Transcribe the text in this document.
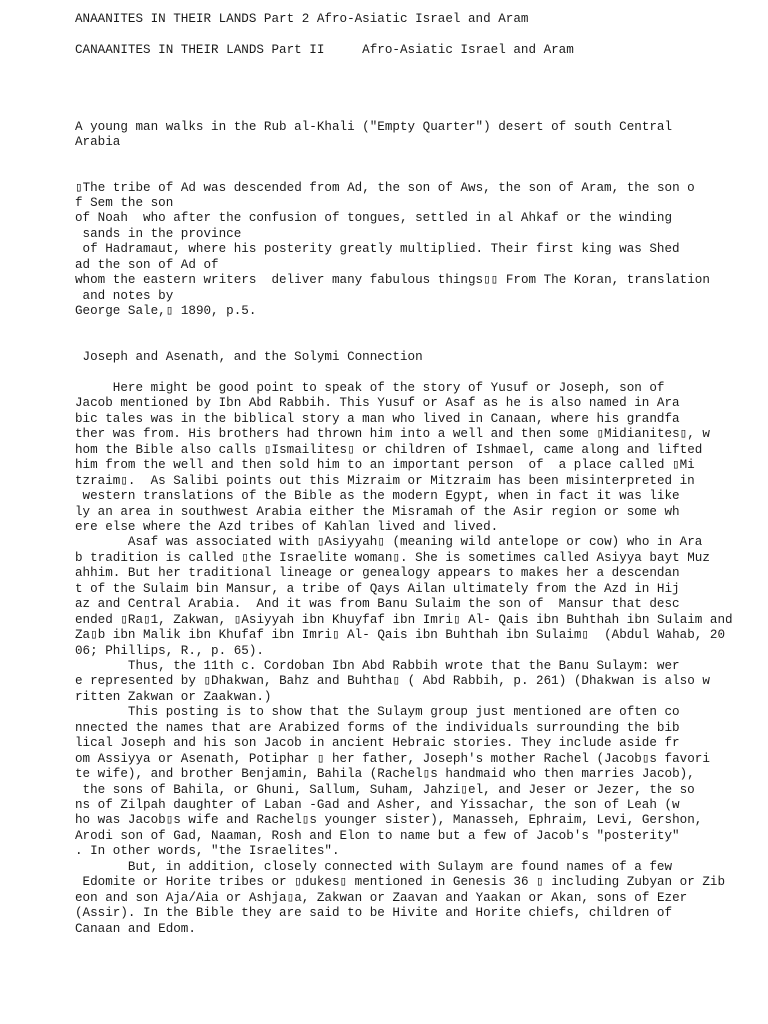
ANAANITES IN THEIR LANDS Part 2 Afro-Asiatic Israel and Aram

CANAANITES IN THEIR LANDS Part II     Afro-Asiatic Israel and Aram

A young man walks in the Rub al-Khali ("Empty Quarter") desert of south Central

Arabia

▯The tribe of Ad was descended from Ad, the son of Aws, the son of Aram, the son o

f Sem the son

of Noah  who after the confusion of tongues, settled in al Ahkaf or the winding

sands in the province

of Hadramaut, where his posterity greatly multiplied. Their first king was Shed

ad the son of Ad of

whom the eastern writers  deliver many fabulous things▯▯ From The Koran, translation

and notes by

George Sale,▯ 1890, p.5.

Joseph and Asenath, and the Solymi Connection

Here might be good point to speak of the story of Yusuf or Joseph, son of

Jacob mentioned by Ibn Abd Rabbih. This Yusuf or Asaf as he is also named in Ara

bic tales was in the biblical story a man who lived in Canaan, where his grandfa

ther was from. His brothers had thrown him into a well and then some ▯Midianites▯, w

hom the Bible also calls ▯Ismailites▯ or children of Ishmael, came along and lifted

him from the well and then sold him to an important person  of  a place called ▯Mi

tzraim▯.  As Salibi points out this Mizraim or Mitzraim has been misinterpreted in

western translations of the Bible as the modern Egypt, when in fact it was like

ly an area in southwest Arabia either the Misramah of the Asir region or some wh

ere else where the Azd tribes of Kahlan lived and lived.

Asaf was associated with ▯Asiyyah▯ (meaning wild antelope or cow) who in Ara

b tradition is called ▯the Israelite woman▯. She is sometimes called Asiyya bayt Muz

ahhim. But her traditional lineage or genealogy appears to makes her a descendan

t of the Sulaim bin Mansur, a tribe of Qays Ailan ultimately from the Azd in Hij

az and Central Arabia.  And it was from Banu Sulaim the son of  Mansur that desc

ended ▯Ra▯1, Zakwan, ▯Asiyyah ibn Khuyfaf ibn Imri▯ Al- Qais ibn Buhthah ibn Sulaim and

Za▯b ibn Malik ibn Khufaf ibn Imri▯ Al- Qais ibn Buhthah ibn Sulaim▯  (Abdul Wahab, 20

06; Phillips, R., p. 65).

Thus, the 11th c. Cordoban Ibn Abd Rabbih wrote that the Banu Sulaym: wer

e represented by ▯Dhakwan, Bahz and Buhtha▯ ( Abd Rabbih, p. 261) (Dhakwan is also w

ritten Zakwan or Zaakwan.)

This posting is to show that the Sulaym group just mentioned are often co

nnected the names that are Arabized forms of the individuals surrounding the bib

lical Joseph and his son Jacob in ancient Hebraic stories. They include aside fr

om Assiyya or Asenath, Potiphar ▯ her father, Joseph's mother Rachel (Jacob▯s favori

te wife), and brother Benjamin, Bahila (Rachel▯s handmaid who then marries Jacob),

the sons of Bahila, or Ghuni, Sallum, Suham, Jahzi▯el, and Jeser or Jezer, the so

ns of Zilpah daughter of Laban -Gad and Asher, and Yissachar, the son of Leah (w

ho was Jacob▯s wife and Rachel▯s younger sister), Manasseh, Ephraim, Levi, Gershon,

Arodi son of Gad, Naaman, Rosh and Elon to name but a few of Jacob's "posterity"

. In other words, "the Israelites".

But, in addition, closely connected with Sulaym are found names of a few

Edomite or Horite tribes or ▯dukes▯ mentioned in Genesis 36 ▯ including Zubyan or Zib

eon and son Aja/Aia or Ashja▯a, Zakwan or Zaavan and Yaakan or Akan, sons of Ezer

(Assir). In the Bible they are said to be Hivite and Horite chiefs, children of

Canaan and Edom.
